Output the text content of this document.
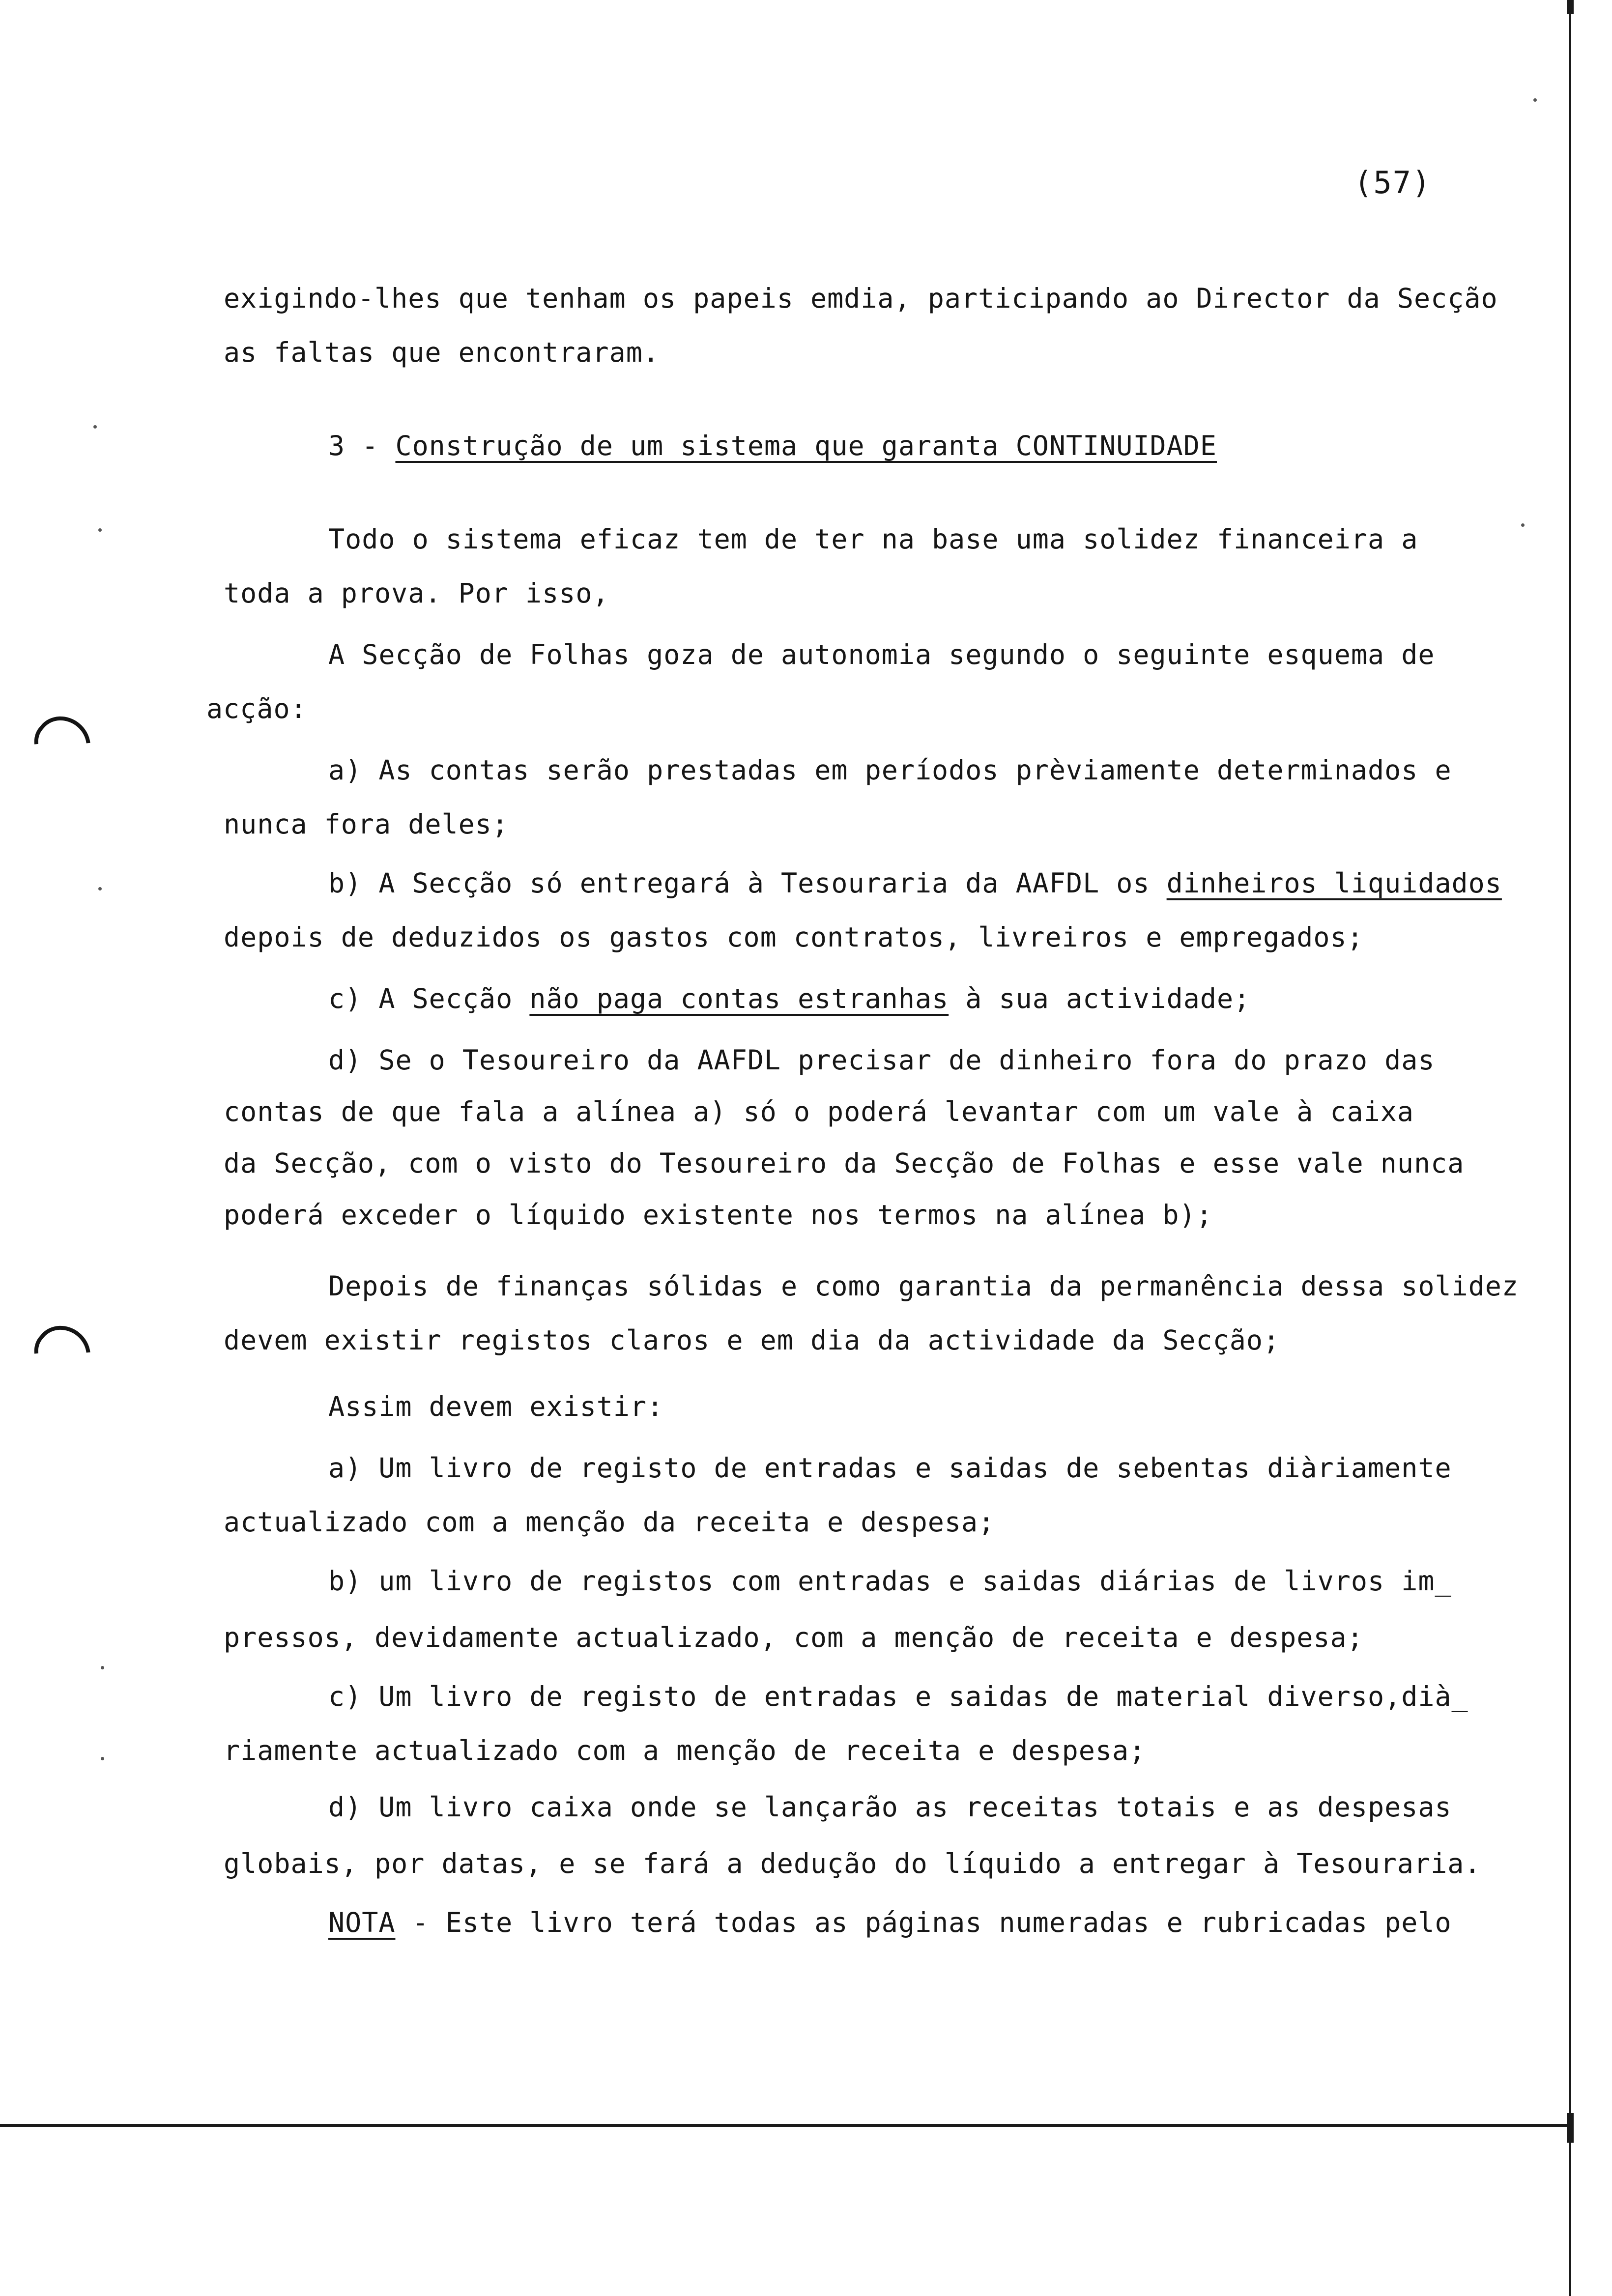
(57)
exigindo-lhes que tenham os papeis emdia, participando ao Director da Secção
as faltas que encontraram.
3 - Construção de um sistema que garanta CONTINUIDADE
Todo o sistema eficaz tem de ter na base uma solidez financeira a
toda a prova. Por isso,
A Secção de Folhas goza de autonomia segundo o seguinte esquema de
acção:
a) As contas serão prestadas em períodos prèviamente determinados e
nunca fora deles;
b) A Secção só entregará à Tesouraria da AAFDL os dinheiros liquidados
depois de deduzidos os gastos com contratos, livreiros e empregados;
c) A Secção não paga contas estranhas à sua actividade;
d) Se o Tesoureiro da AAFDL precisar de dinheiro fora do prazo das
contas de que fala a alínea a) só o poderá levantar com um vale à caixa
da Secção, com o visto do Tesoureiro da Secção de Folhas e esse vale nunca
poderá exceder o líquido existente nos termos na alínea b);
Depois de finanças sólidas e como garantia da permanência dessa solidez
devem existir registos claros e em dia da actividade da Secção;
Assim devem existir:
a) Um livro de registo de entradas e saidas de sebentas diàriamente
actualizado com a menção da receita e despesa;
b) um livro de registos com entradas e saidas diárias de livros im_
pressos, devidamente actualizado, com a menção de receita e despesa;
c) Um livro de registo de entradas e saidas de material diverso,dià_
riamente actualizado com a menção de receita e despesa;
d) Um livro caixa onde se lançarão as receitas totais e as despesas
globais, por datas, e se fará a dedução do líquido a entregar à Tesouraria.
NOTA - Este livro terá todas as páginas numeradas e rubricadas pelo
